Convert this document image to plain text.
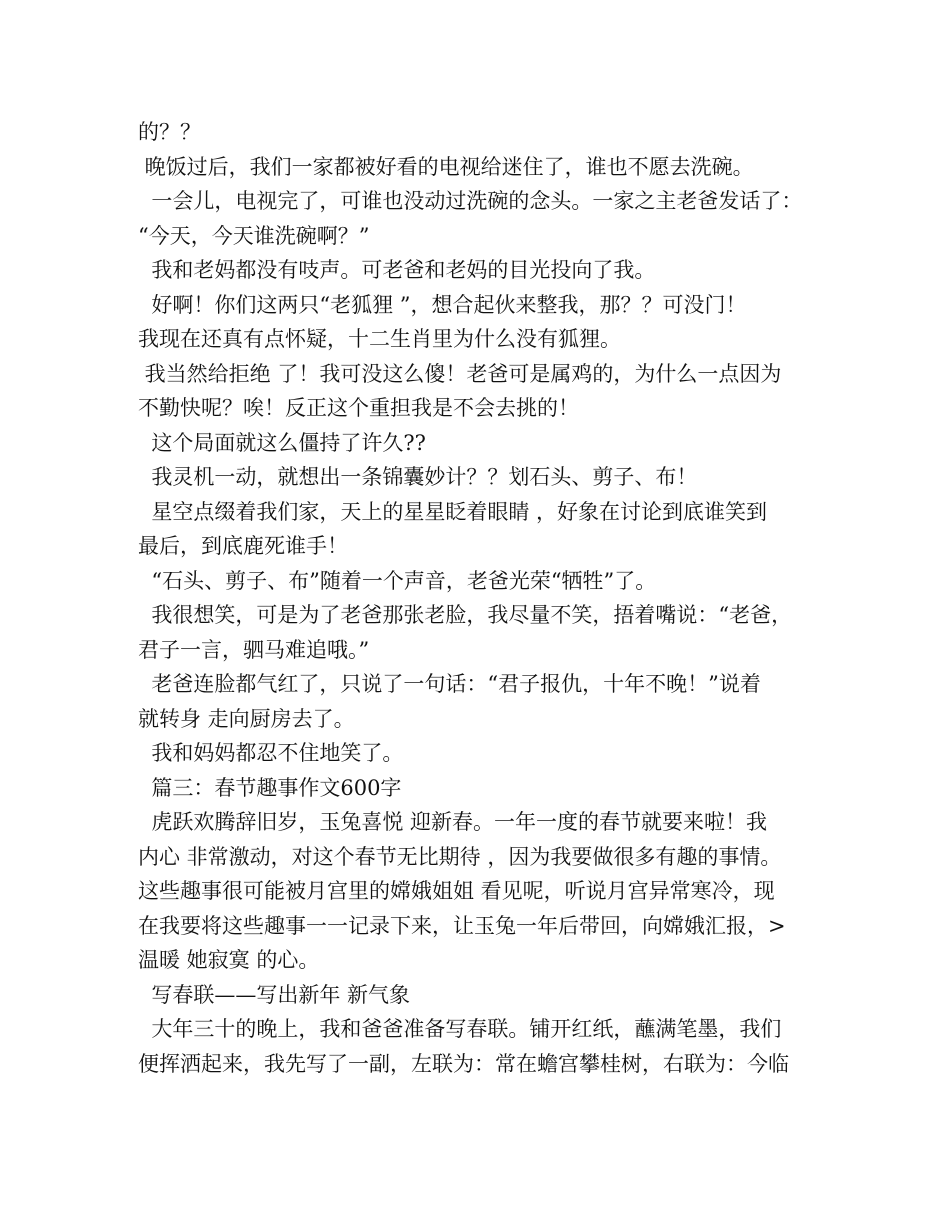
的？？
晚饭过后，我们一家都被好看的电视给迷住了，谁也不愿去洗碗。
一会儿，电视完了，可谁也没动过洗碗的念头。一家之主老爸发话了：
“今天，今天谁洗碗啊？”
我和老妈都没有吱声。可老爸和老妈的目光投向了我。
好啊！你们这两只“老狐狸 ”，想合起伙来整我，那？？可没门！
我现在还真有点怀疑，十二生肖里为什么没有狐狸。
我当然给拒绝 了！我可没这么傻！老爸可是属鸡的，为什么一点因为
不勤快呢？唉！反正这个重担我是不会去挑的！
这个局面就这么僵持了许久??
我灵机一动，就想出一条锦囊妙计？？划石头、剪子、布！
星空点缀着我们家，天上的星星眨着眼睛 ，好象在讨论到底谁笑到
最后，到底鹿死谁手！
“石头、剪子、布”随着一个声音，老爸光荣“牺牲”了。
我很想笑，可是为了老爸那张老脸，我尽量不笑，捂着嘴说：“老爸，
君子一言，驷马难追哦。”
老爸连脸都气红了，只说了一句话：“君子报仇，十年不晚！”说着
就转身 走向厨房去了。
我和妈妈都忍不住地笑了。
篇三：春节趣事作文600字
虎跃欢腾辞旧岁，玉兔喜悦 迎新春。一年一度的春节就要来啦！我
内心 非常激动，对这个春节无比期待 ，因为我要做很多有趣的事情。
这些趣事很可能被月宫里的嫦娥姐姐 看见呢，听说月宫异常寒冷，现
在我要将这些趣事一一记录下来，让玉兔一年后带回，向嫦娥汇报，>
温暖 她寂寞 的心。
写春联——写出新年 新气象
大年三十的晚上，我和爸爸准备写春联。铺开红纸，蘸满笔墨，我们
便挥洒起来，我先写了一副，左联为：常在蟾宫攀桂树，右联为：今临
